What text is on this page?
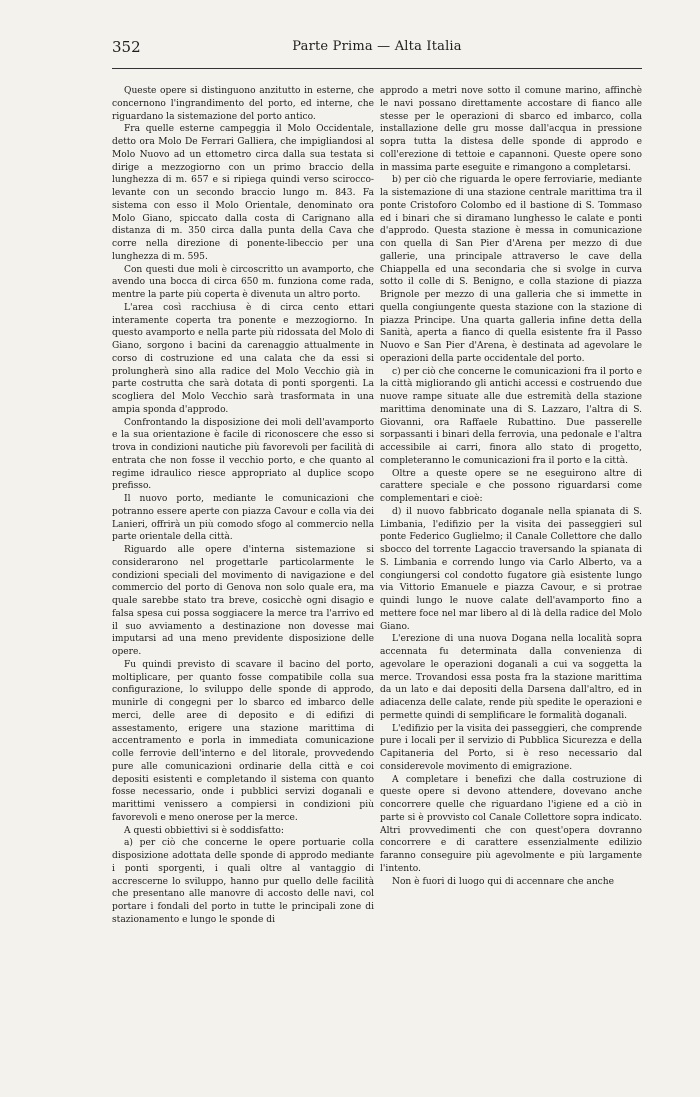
352	Parte Prima — Alta Italia

Queste opere si distinguono anzitutto in esterne, che concernono l'ingrandimento del porto, ed interne, che riguardano la sistemazione del porto antico.

Fra quelle esterne campeggia il Molo Occidentale, detto ora Molo De Ferrari Galliera, che impigliandosi al Molo Nuovo ad un ettometro circa dalla sua testata si dirige a mezzogiorno con un primo braccio della lunghezza di m. 657 e si ripiega quindi verso scirocco-levante con un secondo braccio lungo m. 843. Fa sistema con esso il Molo Orientale, denominato ora Molo Giano, spiccato dalla costa di Carignano alla distanza di m. 350 circa dalla punta della Cava che corre nella direzione di ponente-libeccio per una lunghezza di m. 595.

Con questi due moli è circoscritto un avamporto, che avendo una bocca di circa 650 m. funziona come rada, mentre la parte più coperta è divenuta un altro porto.

L'area così racchiusa è di circa cento ettari interamente coperta tra ponente e mezzogiorno. In questo avamporto e nella parte più ridossata del Molo di Giano, sorgono i bacini da carenaggio attualmente in corso di costruzione ed una calata che da essi si prolungherà sino alla radice del Molo Vecchio già in parte costrutta che sarà dotata di ponti sporgenti. La scogliera del Molo Vecchio sarà trasformata in una ampia sponda d'approdo.

Confrontando la disposizione dei moli dell'avamporto e la sua orientazione è facile di riconoscere che esso si trova in condizioni nautiche più favorevoli per facilità di entrata che non fosse il vecchio porto, e che quanto al regime idraulico riesce appropriato al duplice scopo prefisso.

Il nuovo porto, mediante le comunicazioni che potranno essere aperte con piazza Cavour e colla via dei Lanieri, offrirà un più comodo sfogo al commercio nella parte orientale della città.

Riguardo alle opere d'interna sistemazione si considerarono nel progettarle particolarmente le condizioni speciali del movimento di navigazione e del commercio del porto di Genova non solo quale era, ma quale sarebbe stato tra breve, cosicchè ogni disagio e falsa spesa cui possa soggiacere la merce tra l'arrivo ed il suo avviamento a destinazione non dovesse mai imputarsi ad una meno previdente disposizione delle opere.

Fu quindi previsto di scavare il bacino del porto, moltiplicare, per quanto fosse compatibile colla sua configurazione, lo sviluppo delle sponde di approdo, munirle di congegni per lo sbarco ed imbarco delle merci, delle aree di deposito e di edifizi di assestamento, erigere una stazione marittima di accentramento e porla in immediata comunicazione colle ferrovie dell'interno e del litorale, provvedendo pure alle comunicazioni ordinarie della città e coi depositi esistenti e completando il sistema con quanto fosse necessario, onde i pubblici servizi doganali e marittimi venissero a compiersi in condizioni più favorevoli e meno onerose per la merce.

A questi obbiettivi si è soddisfatto:

a) per ciò che concerne le opere portuarie colla disposizione adottata delle sponde di approdo mediante i ponti sporgenti, i quali oltre al vantaggio di accrescerne lo sviluppo, hanno pur quello delle facilità che presentano alle manovre di accosto delle navi, col portare i fondali del porto in tutte le principali zone di stazionamento e lungo le sponde di

approdo a metri nove sotto il comune marino, affinchè le navi possano direttamente accostare di fianco alle stesse per le operazioni di sbarco ed imbarco, colla installazione delle gru mosse dall'acqua in pressione sopra tutta la distesa delle sponde di approdo e coll'erezione di tettoie e capannoni. Queste opere sono in massima parte eseguite e rimangono a completarsi.

b) per ciò che riguarda le opere ferroviarie, mediante la sistemazione di una stazione centrale marittima tra il ponte Cristoforo Colombo ed il bastione di S. Tommaso ed i binari che si diramano lunghesso le calate e ponti d'approdo. Questa stazione è messa in comunicazione con quella di San Pier d'Arena per mezzo di due gallerie, una principale attraverso le cave della Chiappella ed una secondaria che si svolge in curva sotto il colle di S. Benigno, e colla stazione di piazza Brignole per mezzo di una galleria che si immette in quella congiungente questa stazione con la stazione di piazza Principe. Una quarta galleria infine detta della Sanità, aperta a fianco di quella esistente fra il Passo Nuovo e San Pier d'Arena, è destinata ad agevolare le operazioni della parte occidentale del porto.

c) per ciò che concerne le comunicazioni fra il porto e la città migliorando gli antichi accessi e costruendo due nuove rampe situate alle due estremità della stazione marittima denominate una di S. Lazzaro, l'altra di S. Giovanni, ora Raffaele Rubattino. Due passerelle sorpassanti i binari della ferrovia, una pedonale e l'altra accessibile ai carri, finora allo stato di progetto, completeranno le comunicazioni fra il porto e la città.

Oltre a queste opere se ne eseguirono altre di carattere speciale e che possono riguardarsi come complementari e cioè:

d) il nuovo fabbricato doganale nella spianata di S. Limbania, l'edifizio per la visita dei passeggieri sul ponte Federico Guglielmo; il Canale Collettore che dallo sbocco del torrente Lagaccio traversando la spianata di S. Limbania e correndo lungo via Carlo Alberto, va a congiungersi col condotto fugatore già esistente lungo via Vittorio Emanuele e piazza Cavour, e si protrae quindi lungo le nuove calate dell'avamporto fino a mettere foce nel mar libero al di là della radice del Molo Giano.

L'erezione di una nuova Dogana nella località sopra accennata fu determinata dalla convenienza di agevolare le operazioni doganali a cui va soggetta la merce. Trovandosi essa posta fra la stazione marittima da un lato e dai depositi della Darsena dall'altro, ed in adiacenza delle calate, rende più spedite le operazioni e permette quindi di semplificare le formalità doganali.

L'edifizio per la visita dei passeggieri, che comprende pure i locali per il servizio di Pubblica Sicurezza e della Capitaneria del Porto, si è reso necessario dal considerevole movimento di emigrazione.

A completare i benefizi che dalla costruzione di queste opere si devono attendere, dovevano anche concorrere quelle che riguardano l'igiene ed a ciò in parte si è provvisto col Canale Collettore sopra indicato. Altri provvedimenti che con quest'opera dovranno concorrere e di carattere essenzialmente edilizio faranno conseguire più agevolmente e più largamente l'intento.

Non è fuori di luogo qui di accennare che anche
